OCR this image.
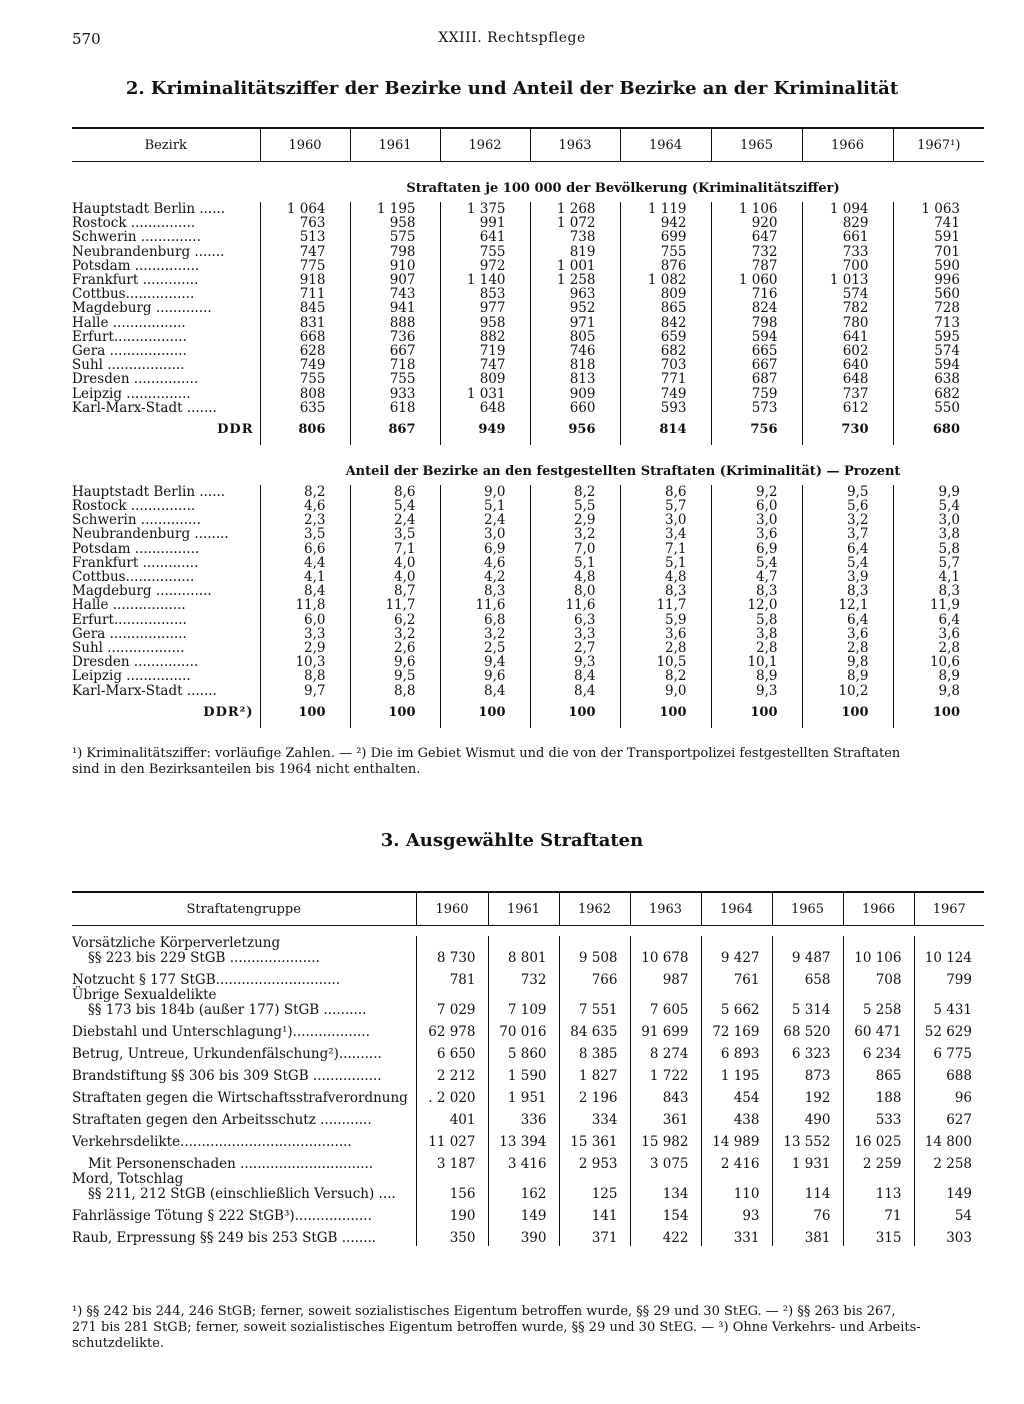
570	XXIII. Rechtspflege
2. Kriminalitätsziffer der Bezirke und Anteil der Bezirke an der Kriminalität
Bezirk	1960	1961	1962	1963	1964	1965	1966	1967¹)
Straftaten je 100 000 der Bevölkerung (Kriminalitätsziffer)								
Hauptstadt Berlin ......	1 064	1 195	1 375	1 268	1 119	1 106	1 094	1 063
Rostock ...............	763	958	991	1 072	942	920	829	741
Schwerin ..............	513	575	641	738	699	647	661	591
Neubrandenburg .......	747	798	755	819	755	732	733	701
Potsdam ...............	775	910	972	1 001	876	787	700	590
Frankfurt .............	918	907	1 140	1 258	1 082	1 060	1 013	996
Cottbus................	711	743	853	963	809	716	574	560
Magdeburg .............	845	941	977	952	865	824	782	728
Halle .................	831	888	958	971	842	798	780	713
Erfurt.................	668	736	882	805	659	594	641	595
Gera ..................	628	667	719	746	682	665	602	574
Suhl ..................	749	718	747	818	703	667	640	594
Dresden ...............	755	755	809	813	771	687	648	638
Leipzig ...............	808	933	1 031	909	749	759	737	682
Karl-Marx-Stadt .......	635	618	648	660	593	573	612	550
DDR	806	867	949	956	814	756	730	680
Anteil der Bezirke an den festgestellten Straftaten (Kriminalität) — Prozent								
Hauptstadt Berlin ......	8,2	8,6	9,0	8,2	8,6	9,2	9,5	9,9
Rostock ...............	4,6	5,4	5,1	5,5	5,7	6,0	5,6	5,4
Schwerin ..............	2,3	2,4	2,4	2,9	3,0	3,0	3,2	3,0
Neubrandenburg ........	3,5	3,5	3,0	3,2	3,4	3,6	3,7	3,8
Potsdam ...............	6,6	7,1	6,9	7,0	7,1	6,9	6,4	5,8
Frankfurt .............	4,4	4,0	4,6	5,1	5,1	5,4	5,4	5,7
Cottbus................	4,1	4,0	4,2	4,8	4,8	4,7	3,9	4,1
Magdeburg .............	8,4	8,7	8,3	8,0	8,3	8,3	8,3	8,3
Halle .................	11,8	11,7	11,6	11,6	11,7	12,0	12,1	11,9
Erfurt.................	6,0	6,2	6,8	6,3	5,9	5,8	6,4	6,4
Gera ..................	3,3	3,2	3,2	3,3	3,6	3,8	3,6	3,6
Suhl ..................	2,9	2,6	2,5	2,7	2,8	2,8	2,8	2,8
Dresden ...............	10,3	9,6	9,4	9,3	10,5	10,1	9,8	10,6
Leipzig ...............	8,8	9,5	9,6	8,4	8,2	8,9	8,9	8,9
Karl-Marx-Stadt .......	9,7	8,8	8,4	8,4	9,0	9,3	10,2	9,8
DDR²)	100	100	100	100	100	100	100	100
¹) Kriminalitätsziffer: vorläufige Zahlen. — ²) Die im Gebiet Wismut und die von der Transportpolizei festgestellten Straftaten
sind in den Bezirksanteilen bis 1964 nicht enthalten.
3. Ausgewählte Straftaten
Straftatengruppe	1960	1961	1962	1963	1964	1965	1966	1967

Vorsätzliche Körperverletzung
§§ 223 bis 229 StGB .....................	8 730	8 801	9 508	10 678	9 427	9 487	10 106	10 124

Notzucht § 177 StGB.............................	781	732	766	987	761	658	708	799

Übrige Sexualdelikte
§§ 173 bis 184b (außer 177) StGB ..........	7 029	7 109	7 551	7 605	5 662	5 314	5 258	5 431

Diebstahl und Unterschlagung¹)..................	62 978	70 016	84 635	91 699	72 169	68 520	60 471	52 629

Betrug, Untreue, Urkundenfälschung²)..........	6 650	5 860	8 385	8 274	6 893	6 323	6 234	6 775

Brandstiftung §§ 306 bis 309 StGB ................	2 212	1 590	1 827	1 722	1 195	873	865	688

Straftaten gegen die Wirtschaftsstrafverordnung	. 2 020	1 951	2 196	843	454	192	188	96

Straftaten gegen den Arbeitsschutz ............	401	336	334	361	438	490	533	627

Verkehrsdelikte........................................	11 027	13 394	15 361	15 982	14 989	13 552	16 025	14 800

Mit Personenschaden ...............................	3 187	3 416	2 953	3 075	2 416	1 931	2 259	2 258

Mord, Totschlag
§§ 211, 212 StGB (einschließlich Versuch) ....	156	162	125	134	110	114	113	149

Fahrlässige Tötung § 222 StGB³)..................	190	149	141	154	93	76	71	54

Raub, Erpressung §§ 249 bis 253 StGB ........	350	390	371	422	331	381	315	303
¹) §§ 242 bis 244, 246 StGB; ferner, soweit sozialistisches Eigentum betroffen wurde, §§ 29 und 30 StEG. — ²) §§ 263 bis 267,
271 bis 281 StGB; ferner, soweit sozialistisches Eigentum betroffen wurde, §§ 29 und 30 StEG. — ³) Ohne Verkehrs- und Arbeits-
schutzdelikte.
